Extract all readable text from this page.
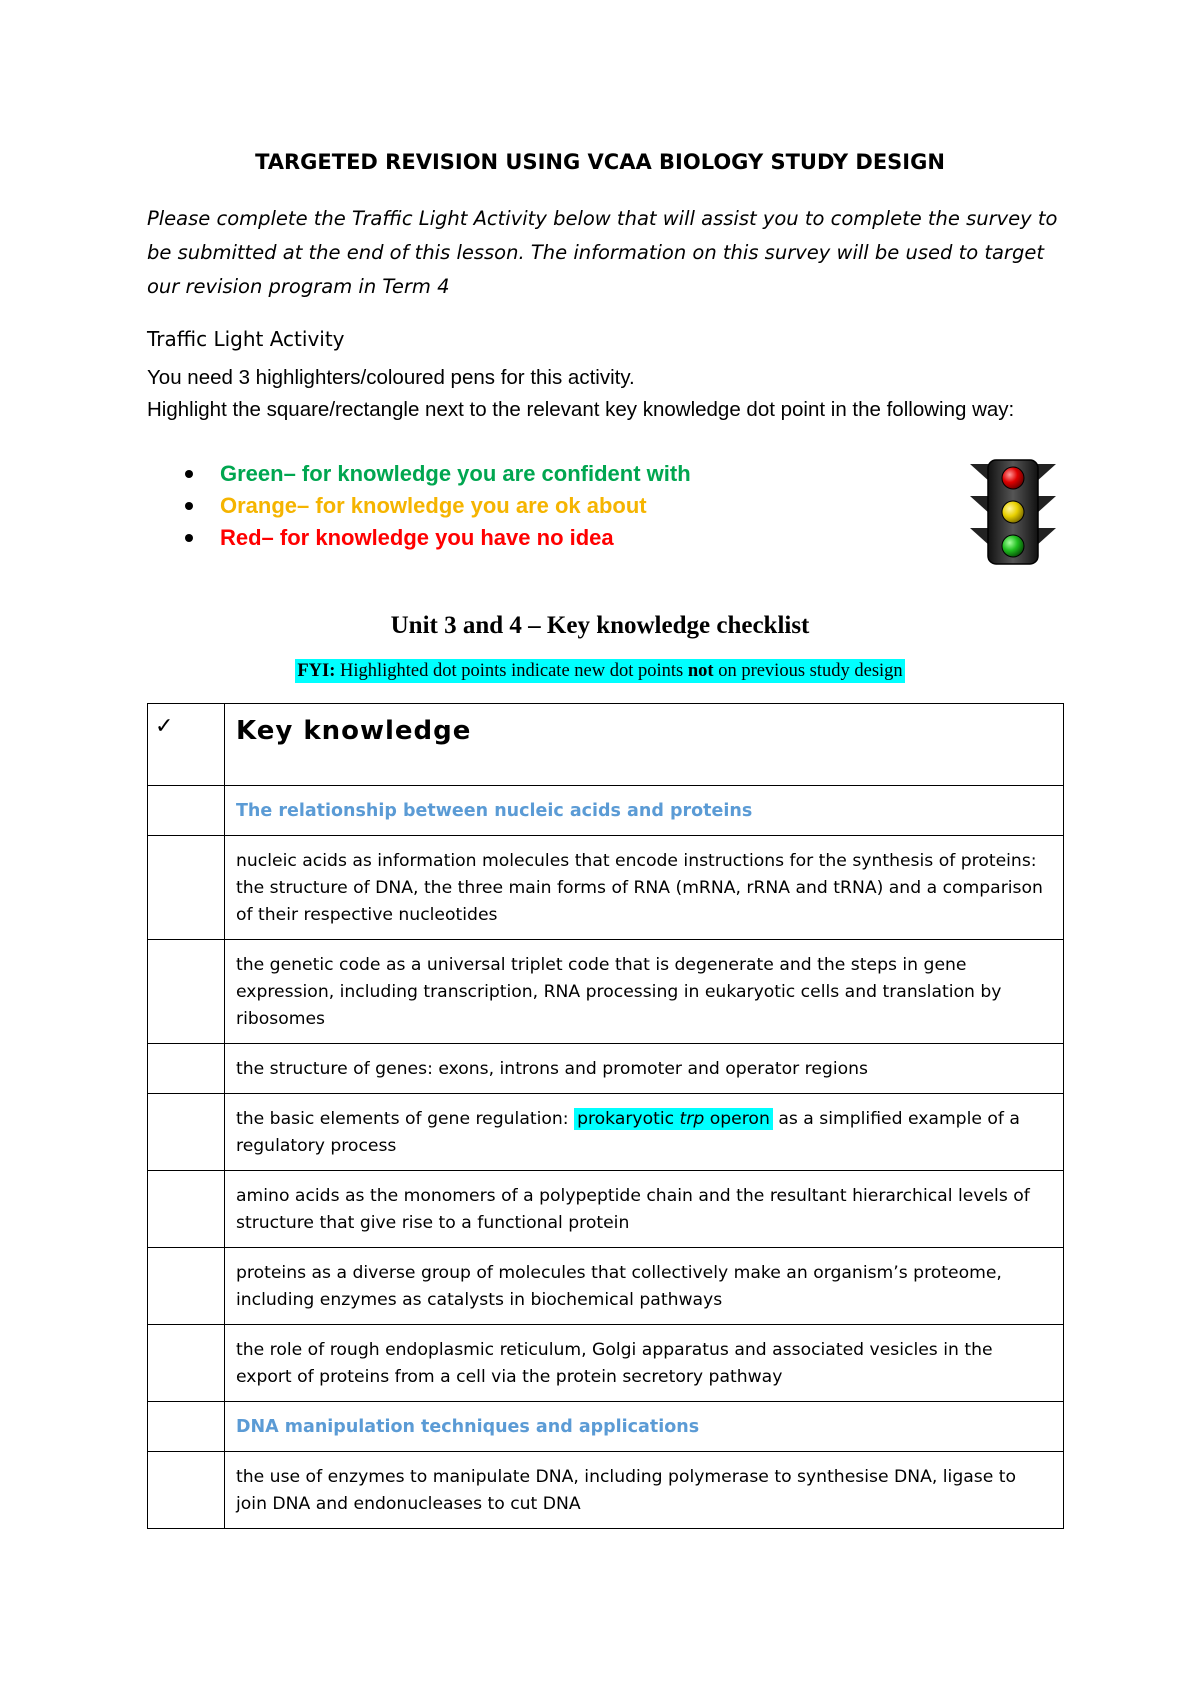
TARGETED REVISION USING VCAA BIOLOGY STUDY DESIGN
Please complete the Traffic Light Activity below that will assist you to complete the survey to be submitted at the end of this lesson. The information on this survey will be used to target our revision program in Term 4
Traffic Light Activity
You need 3 highlighters/coloured pens for this activity.
Highlight the square/rectangle next to the relevant key knowledge dot point in the following way:
Green– for knowledge you are confident with
Orange– for knowledge you are ok about
Red– for knowledge you have no idea
Unit 3 and 4 – Key knowledge checklist
FYI: Highlighted dot points indicate new dot points not on previous study design
✓	Key knowledge
	The relationship between nucleic acids and proteins
	nucleic acids as information molecules that encode instructions for the synthesis of proteins: the structure of DNA, the three main forms of RNA (mRNA, rRNA and tRNA) and a comparison of their respective nucleotides
	the genetic code as a universal triplet code that is degenerate and the steps in gene expression, including transcription, RNA processing in eukaryotic cells and translation by ribosomes
	the structure of genes: exons, introns and promoter and operator regions
	the basic elements of gene regulation: prokaryotic trp operon as a simplified example of a regulatory process
	amino acids as the monomers of a polypeptide chain and the resultant hierarchical levels of structure that give rise to a functional protein
	proteins as a diverse group of molecules that collectively make an organism’s proteome, including enzymes as catalysts in biochemical pathways
	the role of rough endoplasmic reticulum, Golgi apparatus and associated vesicles in the export of proteins from a cell via the protein secretory pathway
	DNA manipulation techniques and applications
	the use of enzymes to manipulate DNA, including polymerase to synthesise DNA, ligase to join DNA and endonucleases to cut DNA
